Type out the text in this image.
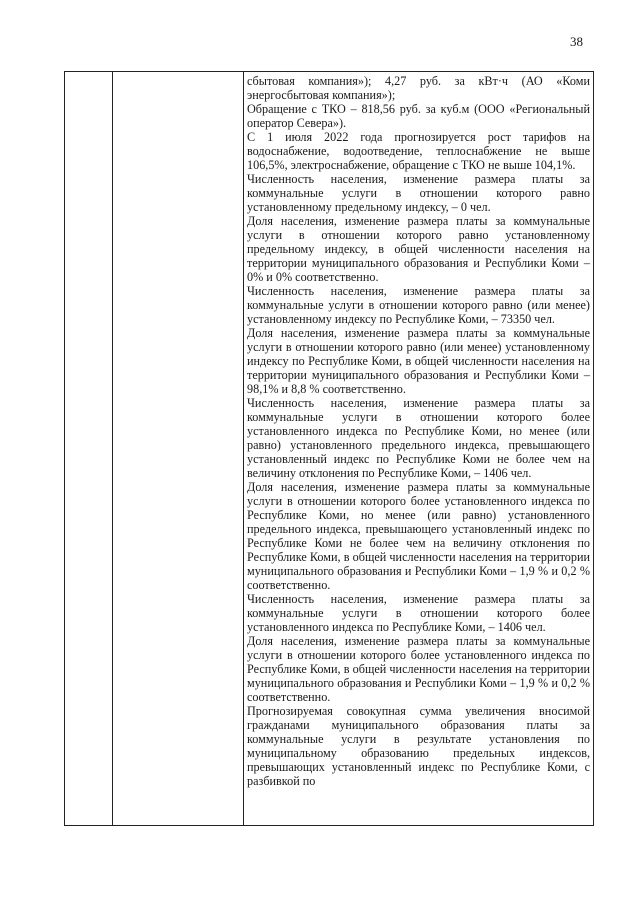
38

сбытовая компания»); 4,27 руб. за кВт·ч (АО «Коми энергосбытовая компания»);

Обращение с ТКО – 818,56 руб. за куб.м (ООО «Региональный оператор Севера»).

С 1 июля 2022 года прогнозируется рост тарифов на водоснабжение, водоотведение, теплоснабжение не выше 106,5%, электроснабжение, обращение с ТКО не выше 104,1%.

Численность населения, изменение размера платы за коммунальные услуги в отношении которого равно установленному предельному индексу, – 0 чел.

Доля населения, изменение размера платы за коммунальные услуги в отношении которого равно установленному предельному индексу, в общей численности населения на территории муниципального образования и Республики Коми – 0% и 0% соответственно.

Численность населения, изменение размера платы за коммунальные услуги в отношении которого равно (или менее) установленному индексу по Республике Коми, – 73350 чел.

Доля населения, изменение размера платы за коммунальные услуги в отношении которого равно (или менее) установленному индексу по Республике Коми, в общей численности населения на территории муниципального образования и Республики Коми – 98,1% и 8,8 % соответственно.

Численность населения, изменение размера платы за коммунальные услуги в отношении которого более установленного индекса по Республике Коми, но менее (или равно) установленного предельного индекса, превышающего установленный индекс по Республике Коми не более чем на величину отклонения по Республике Коми, – 1406 чел.

Доля населения, изменение размера платы за коммунальные услуги в отношении которого более установленного индекса по Республике Коми, но менее (или равно) установленного предельного индекса, превышающего установленный индекс по Республике Коми не более чем на величину отклонения по Республике Коми, в общей численности населения на территории муниципального образования и Республики Коми – 1,9 % и 0,2 % соответственно.

Численность населения, изменение размера платы за коммунальные услуги в отношении которого более установленного индекса по Республике Коми, – 1406 чел.

Доля населения, изменение размера платы за коммунальные услуги в отношении которого более установленного индекса по Республике Коми, в общей численности населения на территории муниципального образования и Республики Коми – 1,9 % и 0,2 % соответственно.

Прогнозируемая совокупная сумма увеличения вносимой гражданами муниципального образования платы за коммунальные услуги в результате установления по муниципальному образованию предельных индексов, превышающих установленный индекс по Республике Коми, с разбивкой по
